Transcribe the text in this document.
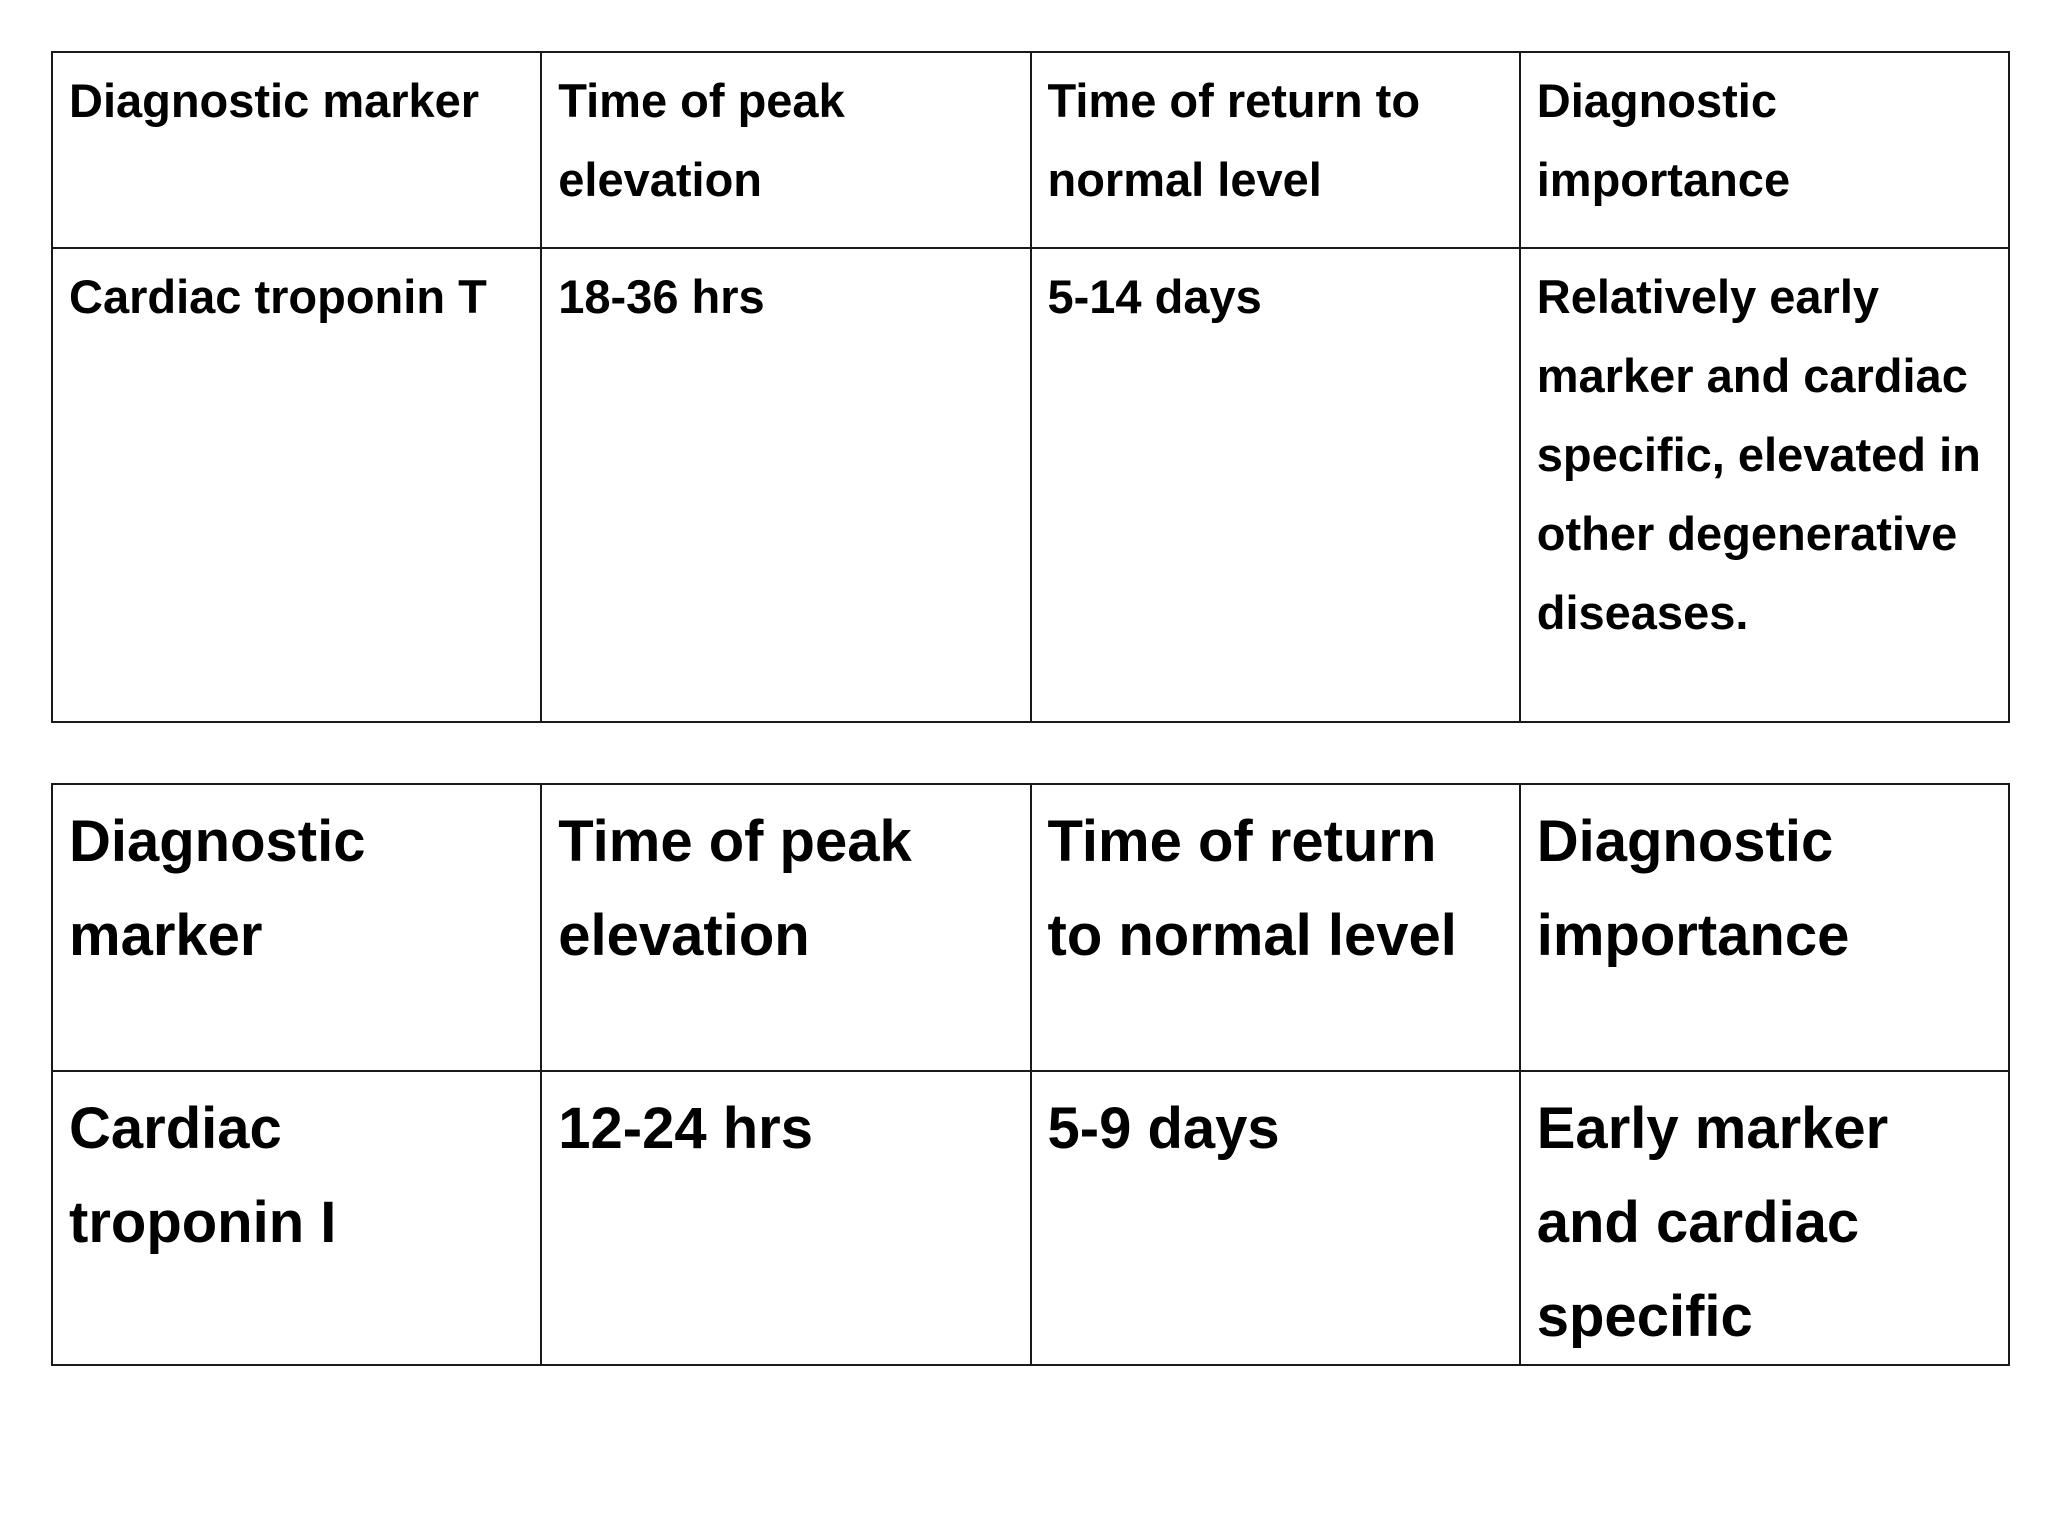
Diagnostic marker	Time of peak elevation	Time of return to normal level	Diagnostic importance
Cardiac troponin T	18-36 hrs	5-14 days	Relatively early marker and cardiac specific, elevated in other degenerative diseases.
Diagnostic marker	Time of peak elevation	Time of return to normal level	Diagnostic importance
Cardiac troponin I	12-24 hrs	5-9 days	Early marker and cardiac specific
